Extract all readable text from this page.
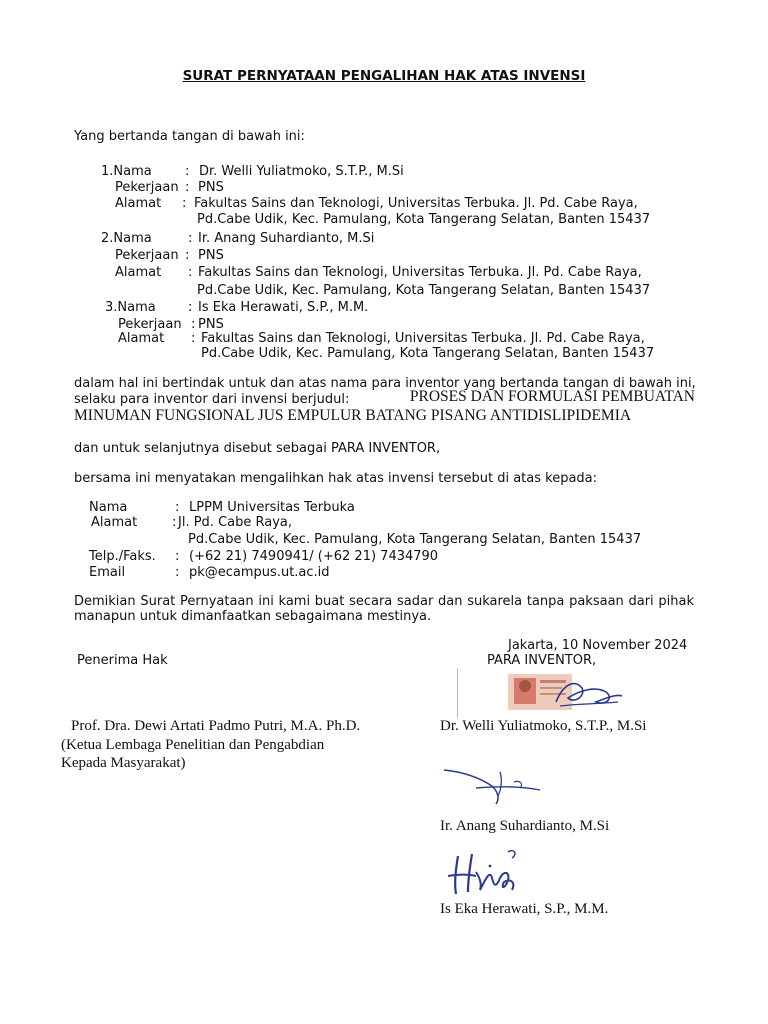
SURAT PERNYATAAN PENGALIHAN HAK ATAS INVENSI
Yang bertanda tangan di bawah ini:
1.Nama	: Dr. Welli Yuliatmoko, S.T.P., M.Si
Pekerjaan : PNS
Alamat : Fakultas Sains dan Teknologi, Universitas Terbuka. Jl. Pd. Cabe Raya,
Pd.Cabe Udik, Kec. Pamulang, Kota Tangerang Selatan, Banten 15437
2.Nama	: Ir. Anang Suhardianto, M.Si
Pekerjaan : PNS
Alamat : Fakultas Sains dan Teknologi, Universitas Terbuka. Jl. Pd. Cabe Raya,
Pd.Cabe Udik, Kec. Pamulang, Kota Tangerang Selatan, Banten 15437
3.Nama : Is Eka Herawati, S.P., M.M.
Pekerjaan : PNS
Alamat : Fakultas Sains dan Teknologi, Universitas Terbuka. Jl. Pd. Cabe Raya,
Pd.Cabe Udik, Kec. Pamulang, Kota Tangerang Selatan, Banten 15437
dalam hal ini bertindak untuk dan atas nama para inventor yang bertanda tangan di bawah ini,
selaku para inventor dari invensi berjudul:	PROSES DAN FORMULASI PEMBUATAN
MINUMAN FUNGSIONAL JUS EMPULUR BATANG PISANG ANTIDISLIPIDEMIA
dan untuk selanjutnya disebut sebagai PARA INVENTOR,
bersama ini menyatakan mengalihkan hak atas invensi tersebut di atas kepada:
Nama	: LPPM Universitas Terbuka
Alamat	: Jl. Pd. Cabe Raya,
Pd.Cabe Udik, Kec. Pamulang, Kota Tangerang Selatan, Banten 15437
Telp./Faks. : (+62 21) 7490941/ (+62 21) 7434790
Email	: pk@ecampus.ut.ac.id
Demikian Surat Pernyataan ini kami buat secara sadar dan sukarela tanpa paksaan dari pihak
manapun untuk dimanfaatkan sebagaimana mestinya.
Jakarta, 10 November 2024
Penerima Hak	PARA INVENTOR,
Prof. Dra. Dewi Artati Padmo Putri, M.A. Ph.D.
(Ketua Lembaga Penelitian dan Pengabdian
Kepada Masyarakat)
Dr. Welli Yuliatmoko, S.T.P., M.Si
Ir. Anang Suhardianto, M.Si
Is Eka Herawati, S.P., M.M.
